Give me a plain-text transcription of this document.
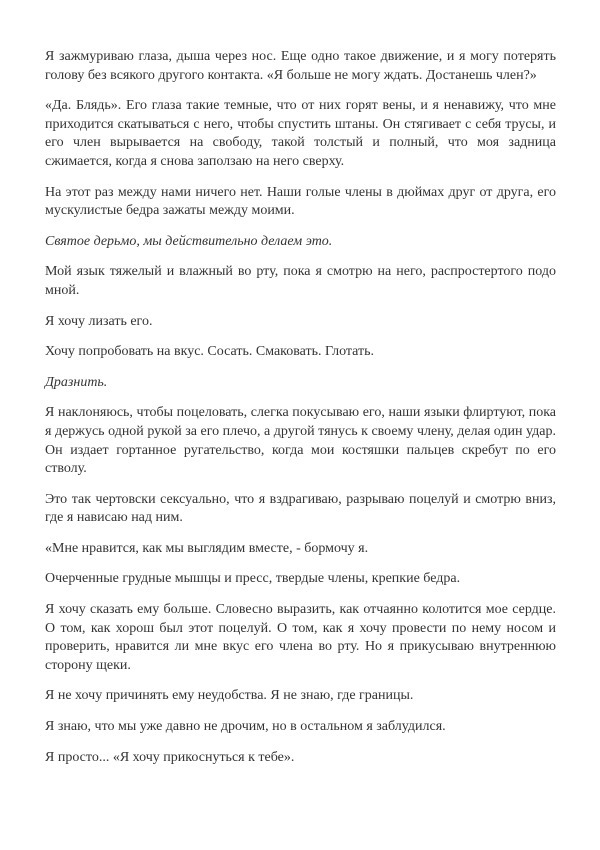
Я зажмуриваю глаза, дыша через нос. Еще одно такое движение, и я могу потерять голову без всякого другого контакта. «Я больше не могу ждать. Достанешь член?»

«Да. Блядь». Его глаза такие темные, что от них горят вены, и я ненавижу, что мне приходится скатываться с него, чтобы спустить штаны. Он стягивает с себя трусы, и его член вырывается на свободу, такой толстый и полный, что моя задница сжимается, когда я снова заползаю на него сверху.

На этот раз между нами ничего нет. Наши голые члены в дюймах друг от друга, его мускулистые бедра зажаты между моими.

Святое дерьмо, мы действительно делаем это.

Мой язык тяжелый и влажный во рту, пока я смотрю на него, распростертого подо мной.

Я хочу лизать его.

Хочу попробовать на вкус. Сосать. Смаковать. Глотать.

Дразнить.

Я наклоняюсь, чтобы поцеловать, слегка покусываю его, наши языки флиртуют, пока я держусь одной рукой за его плечо, а другой тянусь к своему члену, делая один удар. Он издает гортанное ругательство, когда мои костяшки пальцев скребут по его стволу.

Это так чертовски сексуально, что я вздрагиваю, разрываю поцелуй и смотрю вниз, где я нависаю над ним.

«Мне нравится, как мы выглядим вместе, - бормочу я.

Очерченные грудные мышцы и пресс, твердые члены, крепкие бедра.

Я хочу сказать ему больше. Словесно выразить, как отчаянно колотится мое сердце. О том, как хорош был этот поцелуй. О том, как я хочу провести по нему носом и проверить, нравится ли мне вкус его члена во рту. Но я прикусываю внутреннюю сторону щеки.

Я не хочу причинять ему неудобства. Я не знаю, где границы.

Я знаю, что мы уже давно не дрочим, но в остальном я заблудился.

Я просто... «Я хочу прикоснуться к тебе».
